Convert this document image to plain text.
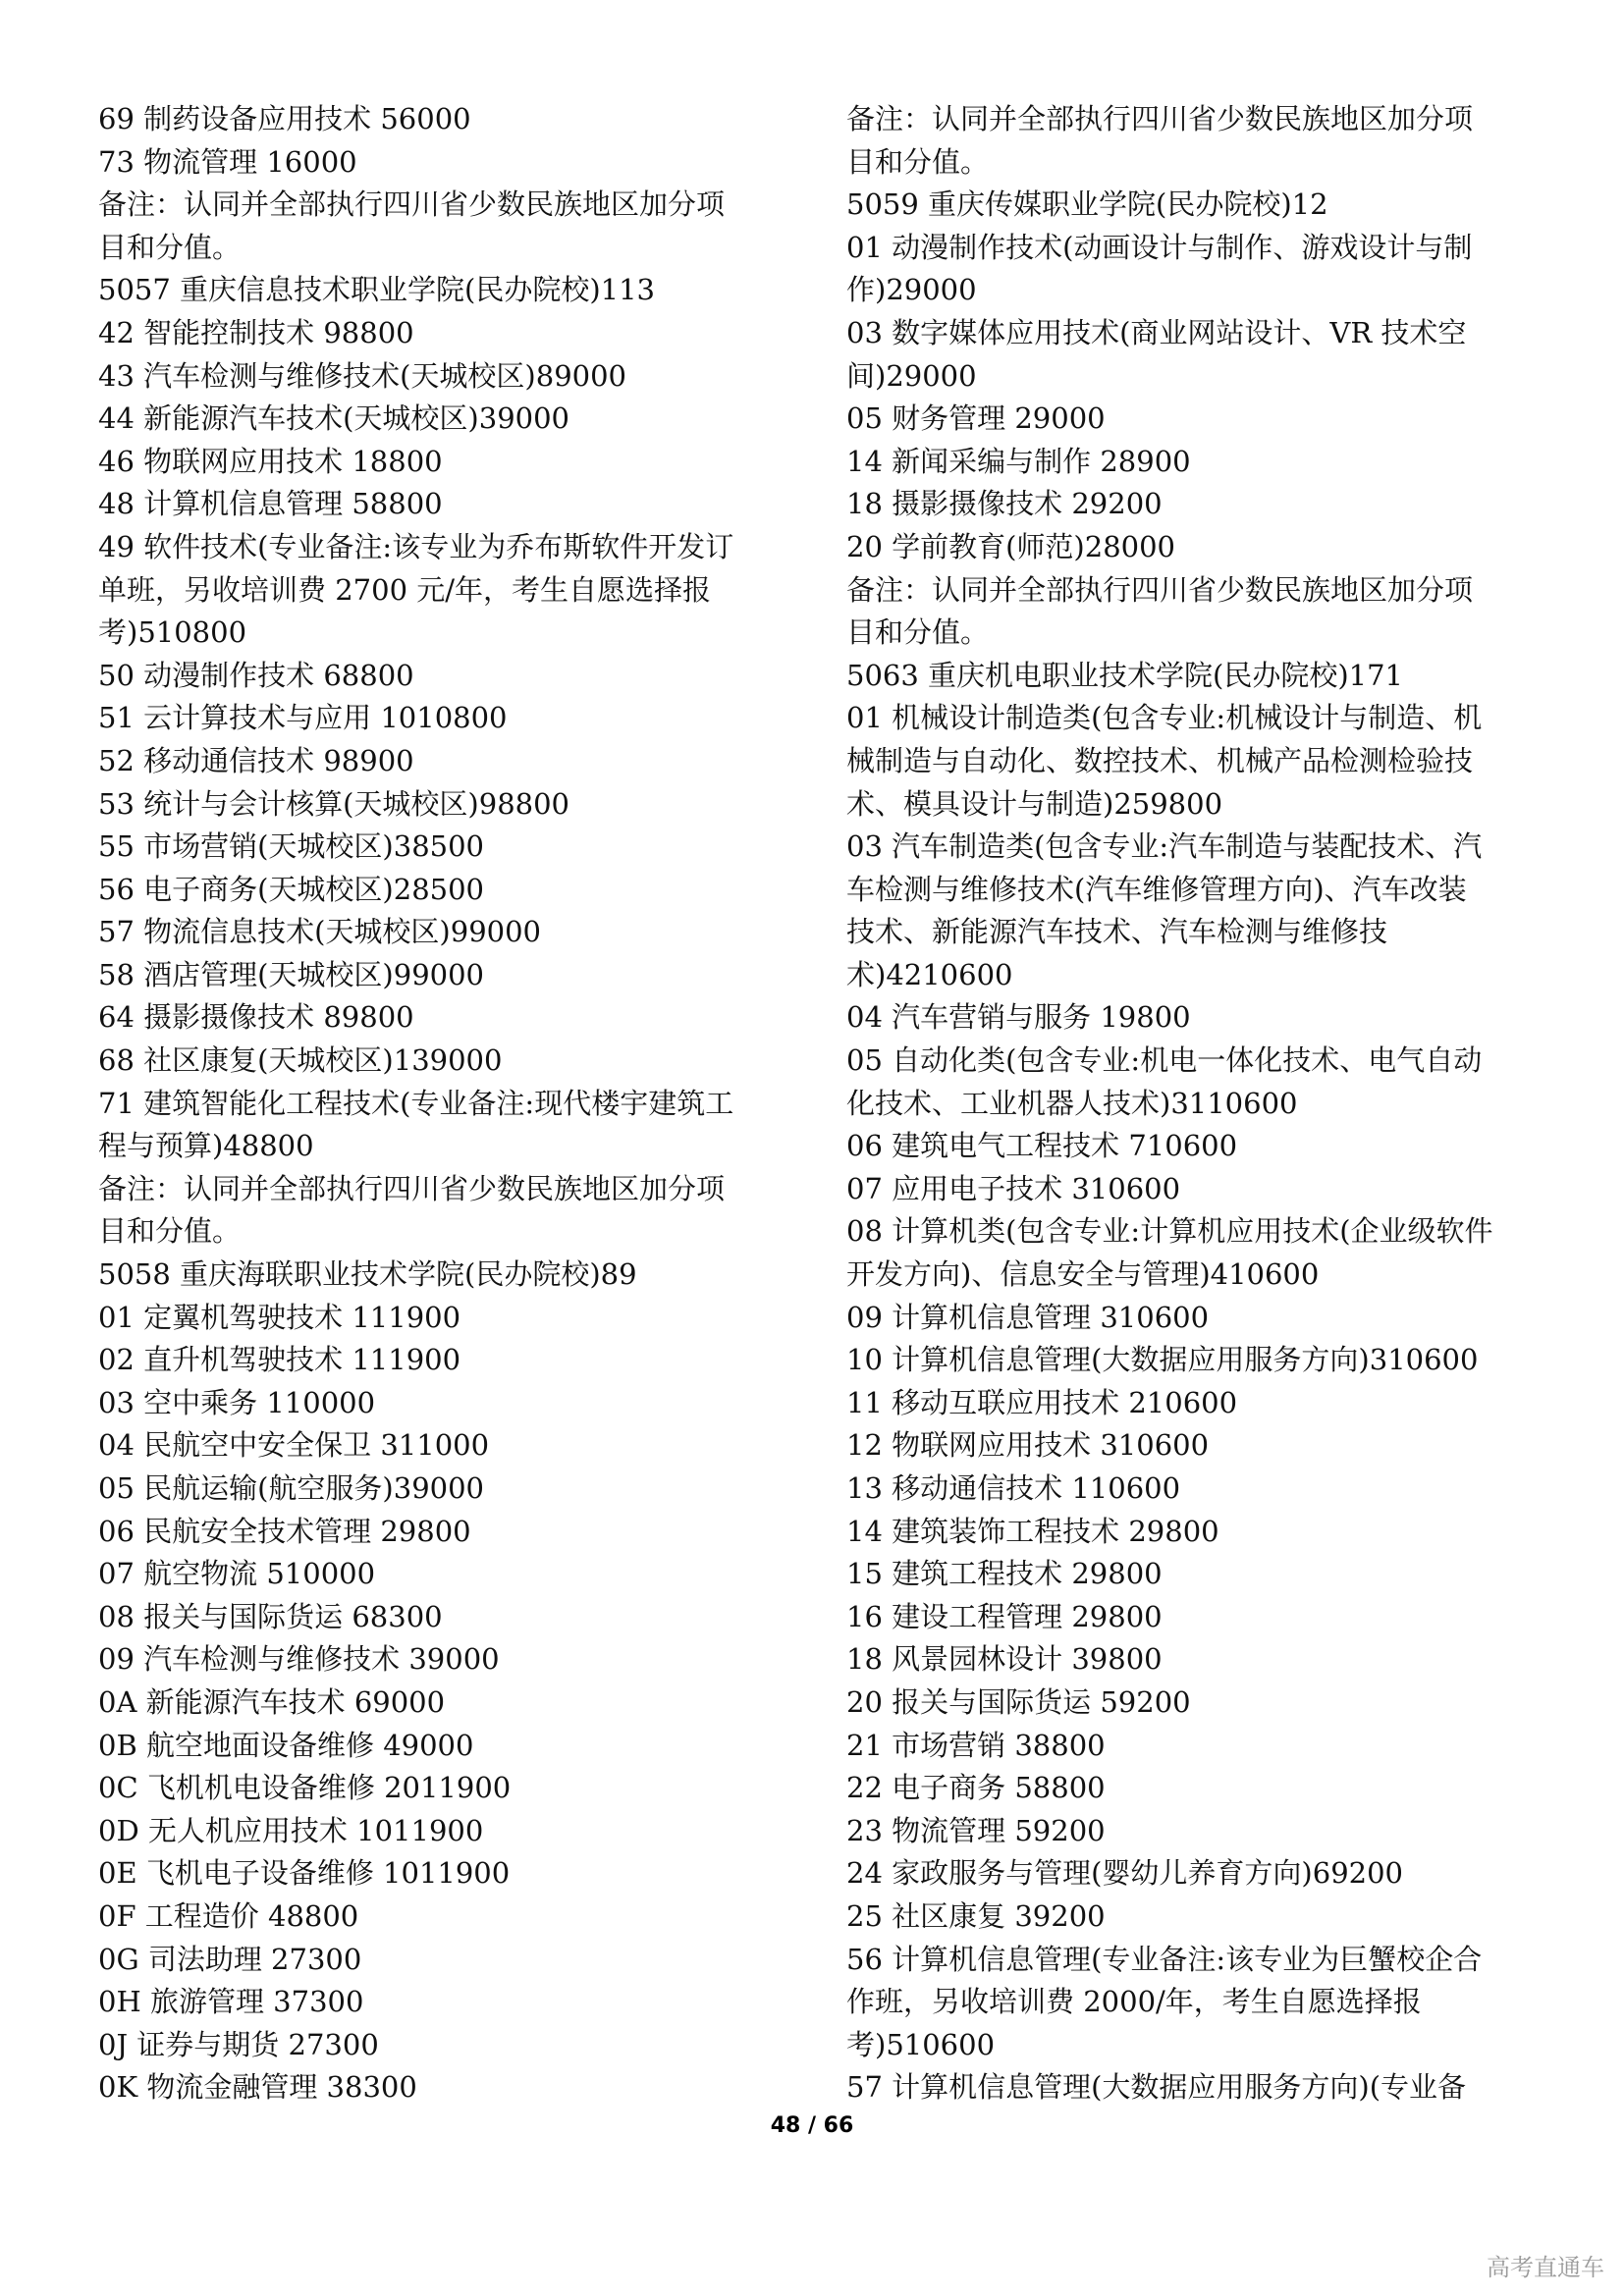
69 制药设备应用技术 56000
73 物流管理 16000
备注：认同并全部执行四川省少数民族地区加分项
目和分值。
5057 重庆信息技术职业学院(民办院校)113
42 智能控制技术 98800
43 汽车检测与维修技术(天城校区)89000
44 新能源汽车技术(天城校区)39000
46 物联网应用技术 18800
48 计算机信息管理 58800
49 软件技术(专业备注:该专业为乔布斯软件开发订
单班，另收培训费 2700 元/年，考生自愿选择报
考)510800
50 动漫制作技术 68800
51 云计算技术与应用 1010800
52 移动通信技术 98900
53 统计与会计核算(天城校区)98800
55 市场营销(天城校区)38500
56 电子商务(天城校区)28500
57 物流信息技术(天城校区)99000
58 酒店管理(天城校区)99000
64 摄影摄像技术 89800
68 社区康复(天城校区)139000
71 建筑智能化工程技术(专业备注:现代楼宇建筑工
程与预算)48800
备注：认同并全部执行四川省少数民族地区加分项
目和分值。
5058 重庆海联职业技术学院(民办院校)89
01 定翼机驾驶技术 111900
02 直升机驾驶技术 111900
03 空中乘务 110000
04 民航空中安全保卫 311000
05 民航运输(航空服务)39000
06 民航安全技术管理 29800
07 航空物流 510000
08 报关与国际货运 68300
09 汽车检测与维修技术 39000
0A 新能源汽车技术 69000
0B 航空地面设备维修 49000
0C 飞机机电设备维修 2011900
0D 无人机应用技术 1011900
0E 飞机电子设备维修 1011900
0F 工程造价 48800
0G 司法助理 27300
0H 旅游管理 37300
0J 证券与期货 27300
0K 物流金融管理 38300
备注：认同并全部执行四川省少数民族地区加分项
目和分值。
5059 重庆传媒职业学院(民办院校)12
01 动漫制作技术(动画设计与制作、游戏设计与制
作)29000
03 数字媒体应用技术(商业网站设计、VR 技术空
间)29000
05 财务管理 29000
14 新闻采编与制作 28900
18 摄影摄像技术 29200
20 学前教育(师范)28000
备注：认同并全部执行四川省少数民族地区加分项
目和分值。
5063 重庆机电职业技术学院(民办院校)171
01 机械设计制造类(包含专业:机械设计与制造、机
械制造与自动化、数控技术、机械产品检测检验技
术、模具设计与制造)259800
03 汽车制造类(包含专业:汽车制造与装配技术、汽
车检测与维修技术(汽车维修管理方向)、汽车改装
技术、新能源汽车技术、汽车检测与维修技
术)4210600
04 汽车营销与服务 19800
05 自动化类(包含专业:机电一体化技术、电气自动
化技术、工业机器人技术)3110600
06 建筑电气工程技术 710600
07 应用电子技术 310600
08 计算机类(包含专业:计算机应用技术(企业级软件
开发方向)、信息安全与管理)410600
09 计算机信息管理 310600
10 计算机信息管理(大数据应用服务方向)310600
11 移动互联应用技术 210600
12 物联网应用技术 310600
13 移动通信技术 110600
14 建筑装饰工程技术 29800
15 建筑工程技术 29800
16 建设工程管理 29800
18 风景园林设计 39800
20 报关与国际货运 59200
21 市场营销 38800
22 电子商务 58800
23 物流管理 59200
24 家政服务与管理(婴幼儿养育方向)69200
25 社区康复 39200
56 计算机信息管理(专业备注:该专业为巨蟹校企合
作班，另收培训费 2000/年，考生自愿选择报
考)510600
57 计算机信息管理(大数据应用服务方向)(专业备
48 / 66
高考直通车
